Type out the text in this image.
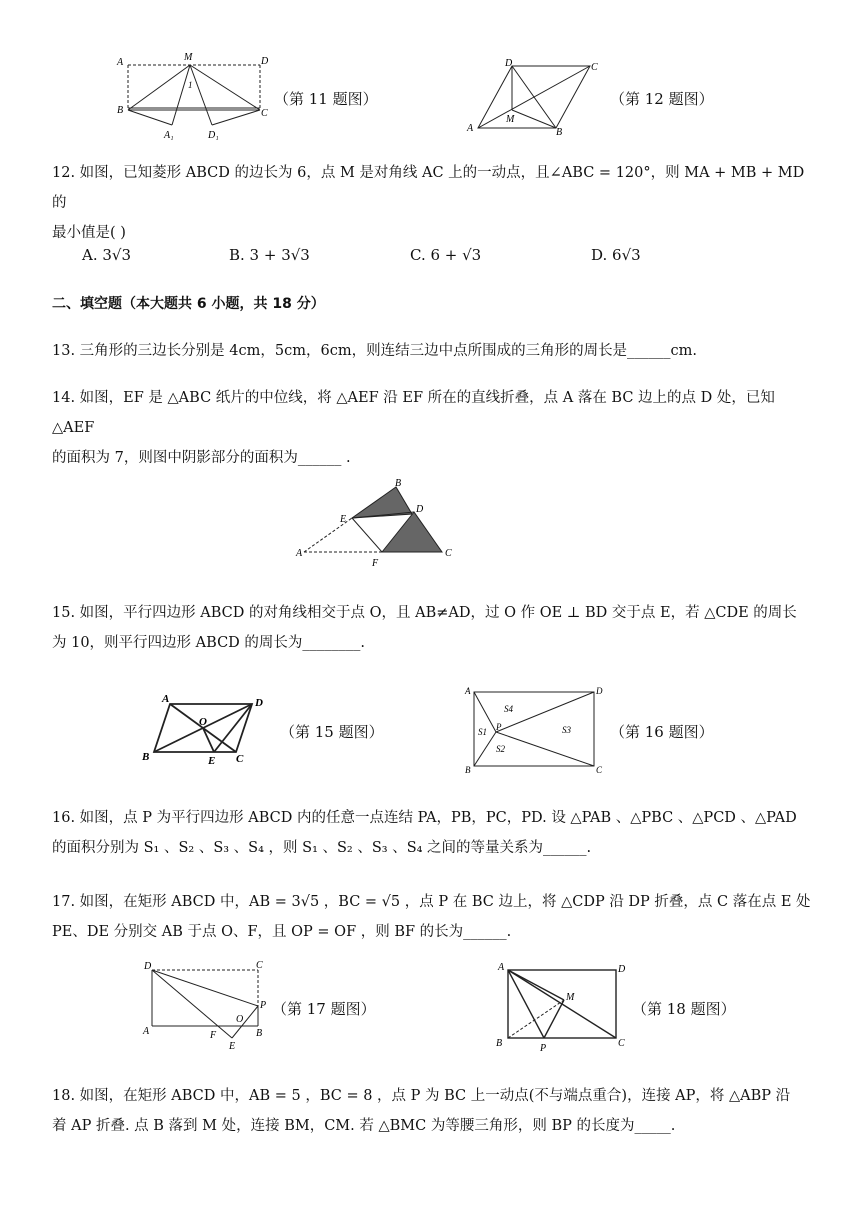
A	M	D
1
B	C
A₁	D₁
（第 11 题图）
D	C
A
M
B
（第 12 题图）
12. 如图，已知菱形 ABCD 的边长为 6，点 M 是对角线 AC 上的一动点，且∠ABC = 120°，则 MA + MB + MD 的
最小值是( )
A. 3√3	B. 3 + 3√3	C. 6 + √3	D. 6√3
二、填空题（本大题共 6 小题，共 18 分）
13. 三角形的三边长分别是 4cm，5cm，6cm，则连结三边中点所围成的三角形的周长是______cm.
14. 如图，EF 是 △ABC 纸片的中位线，将 △AEF 沿 EF 所在的直线折叠，点 A 落在 BC 边上的点 D 处，已知 △AEF
的面积为 7，则图中阴影部分的面积为______ .
B
E
D
A
F
C
15. 如图，平行四边形 ABCD 的对角线相交于点 O，且 AB≠AD，过 O 作 OE ⊥ BD 交于点 E，若 △CDE 的周长
为 10，则平行四边形 ABCD 的周长为________.
A	D
O
B	E C
（第 15 题图）
A	D
S4
S1 P	S3
S2
B	C
（第 16 题图）
16. 如图，点 P 为平行四边形 ABCD 内的任意一点连结 PA，PB，PC，PD. 设 △PAB 、△PBC 、△PCD 、△PAD
的面积分别为 S₁ 、S₂ 、S₃ 、S₄ ，则 S₁ 、S₂ 、S₃ 、S₄ 之间的等量关系为______.
17. 如图，在矩形 ABCD 中，AB = 3√5 ，BC = √5 ，点 P 在 BC 边上，将 △CDP 沿 DP 折叠，点 C 落在点 E 处
PE、DE 分别交 AB 于点 O、F，且 OP = OF ，则 BF 的长为______.
D	C
P
O
A	F	B
E
（第 17 题图）
A	D
M
B	P	C
（第 18 题图）
18. 如图，在矩形 ABCD 中，AB = 5 ，BC = 8 ，点 P 为 BC 上一动点(不与端点重合)，连接 AP，将 △ABP 沿
着 AP 折叠. 点 B 落到 M 处，连接 BM，CM. 若 △BMC 为等腰三角形，则 BP 的长度为_____.
